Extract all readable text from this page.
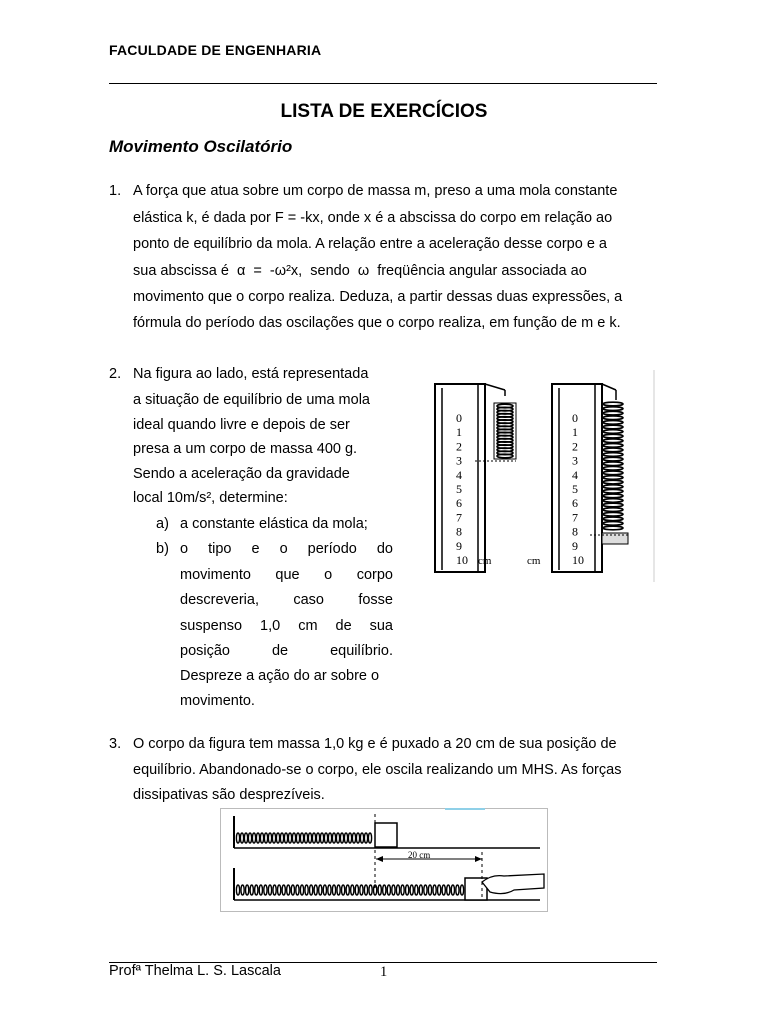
FACULDADE DE ENGENHARIA
LISTA DE EXERCÍCIOS
Movimento Oscilatório
1. A força que atua sobre um corpo de massa m, preso a uma mola constante
elástica k, é dada por F = -kx, onde x é a abscissa do corpo em relação ao
ponto de equilíbrio da mola. A relação entre a aceleração desse corpo e a
sua abscissa é  α  =  -ω²x,  sendo  ω  freqüência angular associada ao
movimento que o corpo realiza. Deduza, a partir dessas duas expressões, a
fórmula do período das oscilações que o corpo realiza, em função de m e k.
2. Na figura ao lado, está representada
a situação de equilíbrio de uma mola
ideal quando livre e depois de ser
presa a um corpo de massa 400 g.
Sendo a aceleração da gravidade
local 10m/s², determine:
a) a constante elástica da mola;
b) o tipo e o período do
movimento que o corpo
descreveria, caso fosse
suspenso 1,0 cm de sua
posição de equilíbrio.
Despreze a ação do ar sobre o
movimento.
0
1
2
3
4
5
6
7
8
9
10 cm
0
1
2
3
4
5
6
7
8
9
10
cm
3. O corpo da figura tem massa 1,0 kg e é puxado a 20 cm de sua posição de
equilíbrio. Abandonado-se o corpo, ele oscila realizando um MHS. As forças
dissipativas são desprezíveis.
20 cm
Profª Thelma L. S. Lascala	1
